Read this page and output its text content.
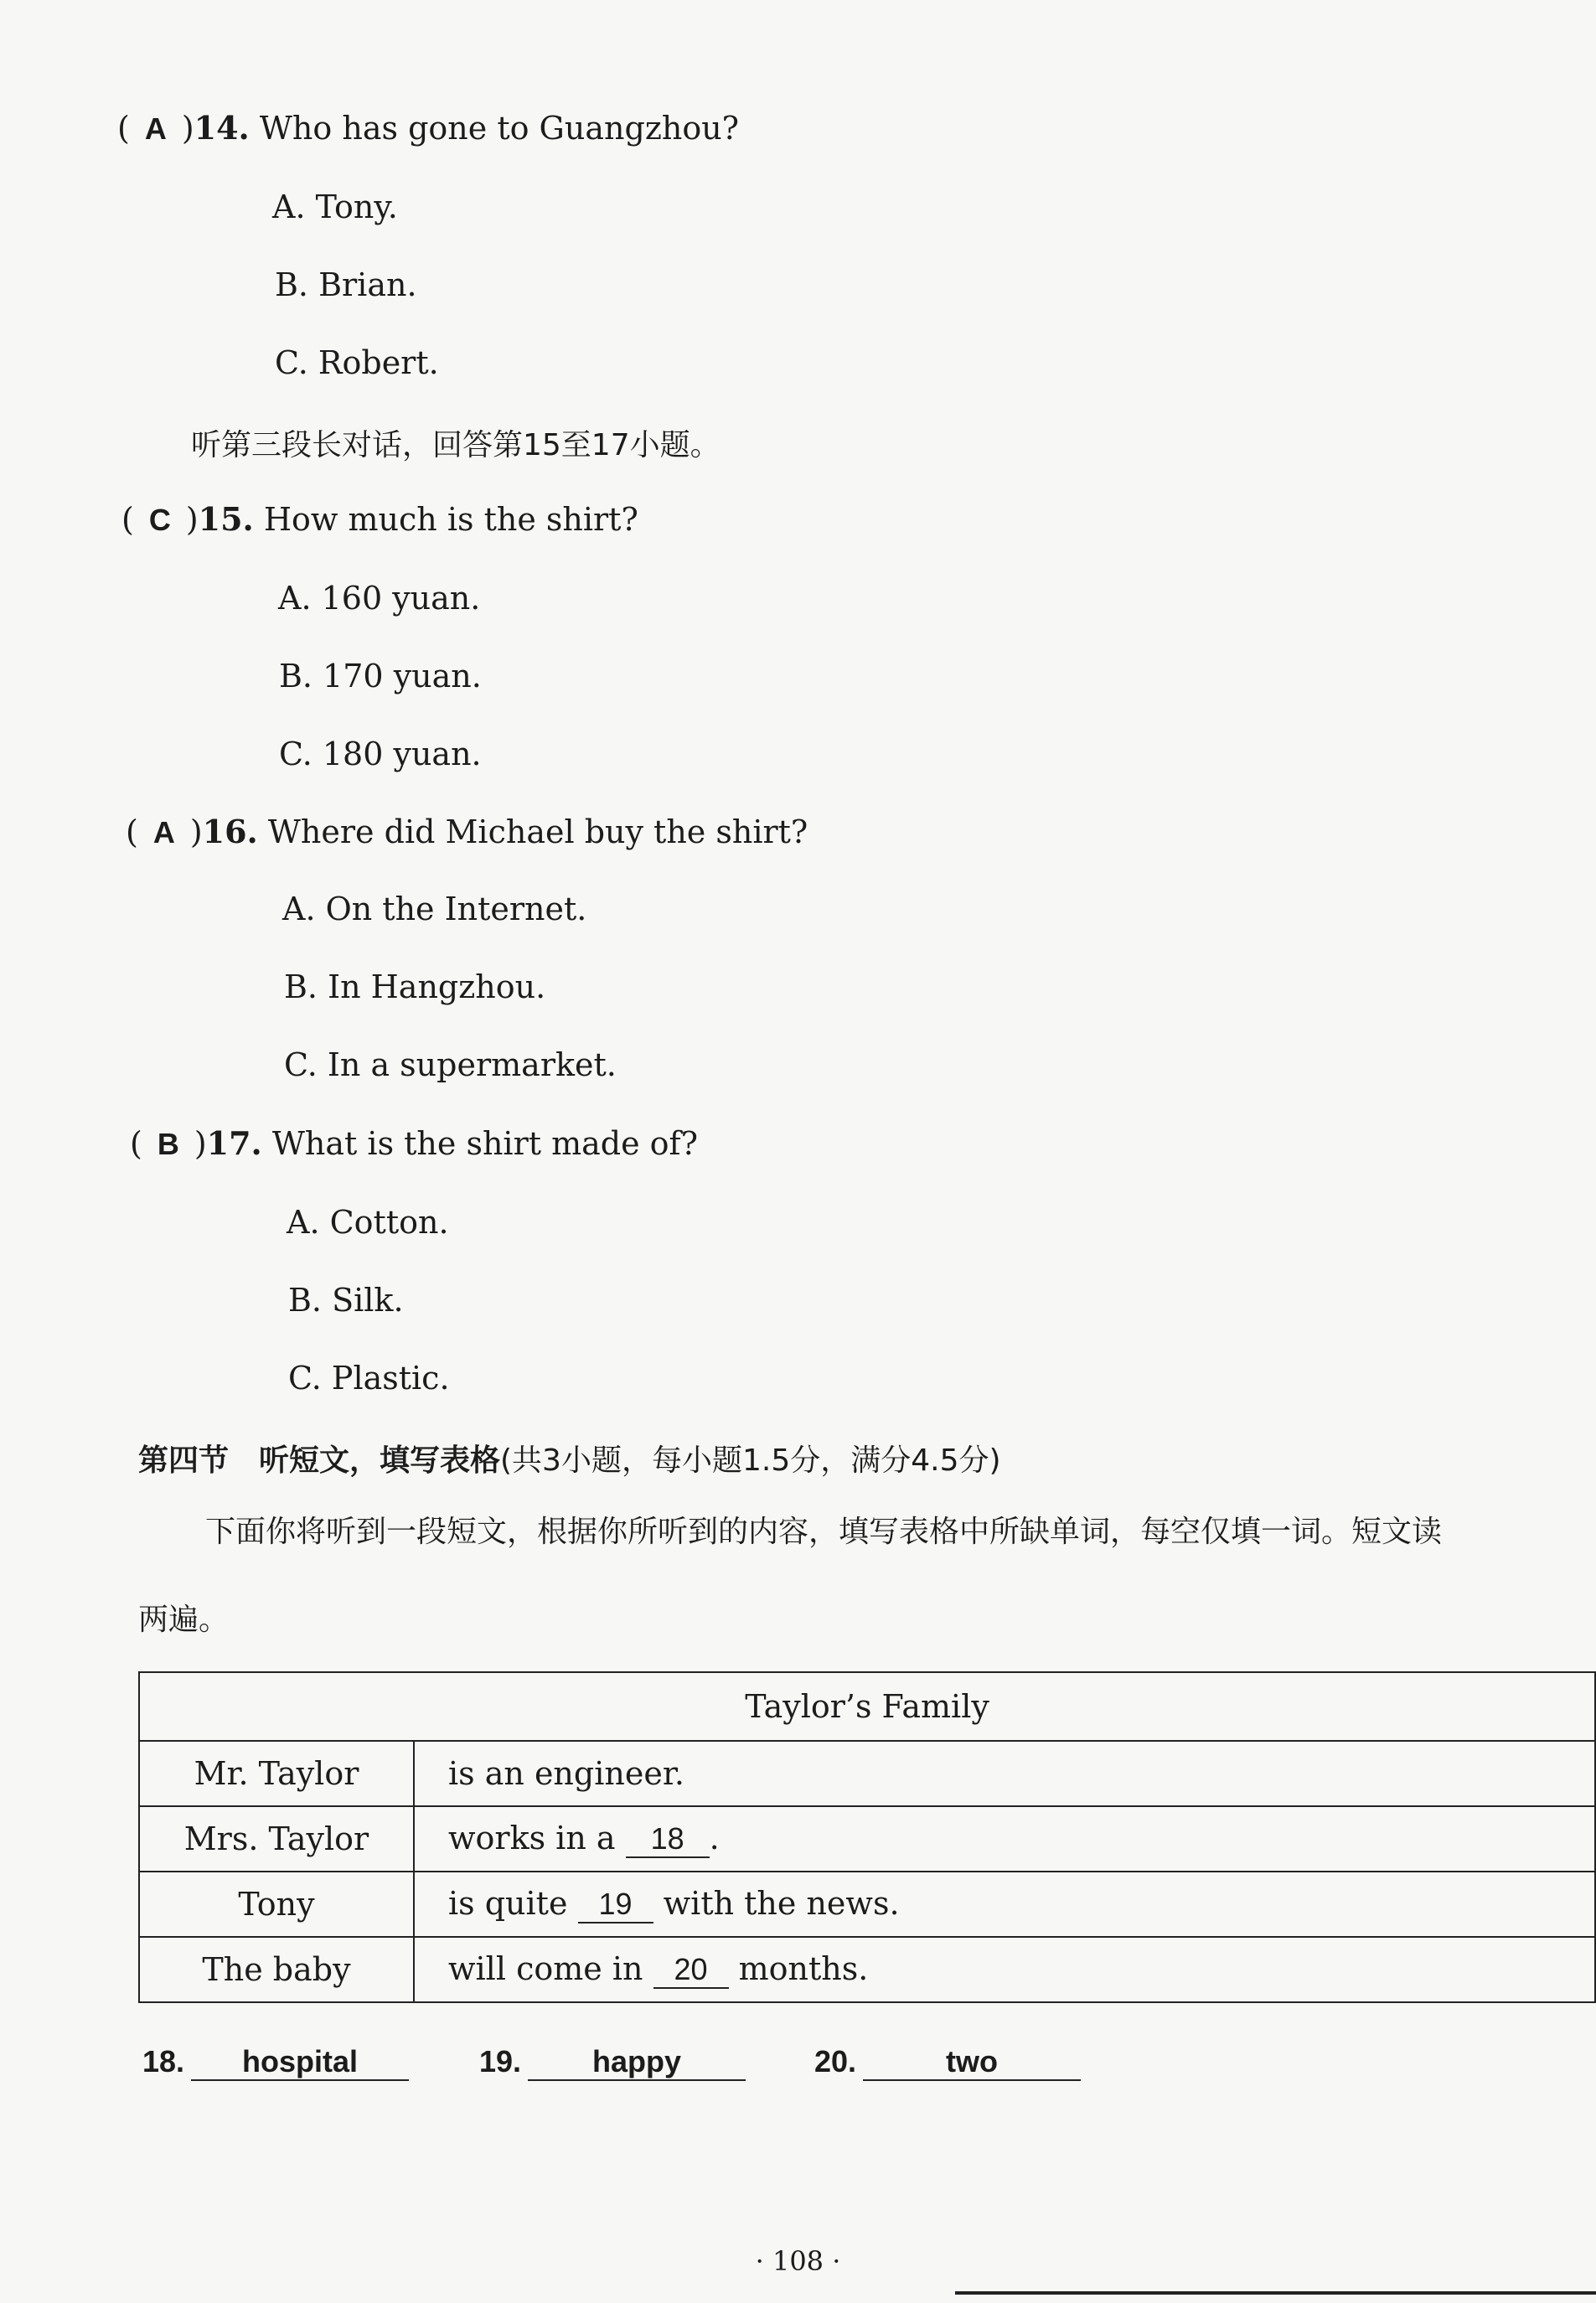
( A )14. Who has gone to Guangzhou?
A. Tony.
B. Brian.
C. Robert.
听第三段长对话，回答第15至17小题。
( C )15. How much is the shirt?
A. 160 yuan.
B. 170 yuan.
C. 180 yuan.
( A )16. Where did Michael buy the shirt?
A. On the Internet.
B. In Hangzhou.
C. In a supermarket.
( B )17. What is the shirt made of?
A. Cotton.
B. Silk.
C. Plastic.
第四节　听短文，填写表格(共3小题，每小题1.5分，满分4.5分)
下面你将听到一段短文，根据你所听到的内容，填写表格中所缺单词，每空仅填一词。短文读
两遍。
Taylor’s Family	
Mr. Taylor	is an engineer.
Mrs. Taylor	works in a 18 .
Tony	is quite 19 with the news.
The baby	will come in 20 months.
18. hospital	19. happy	20.	two
· 108 ·
